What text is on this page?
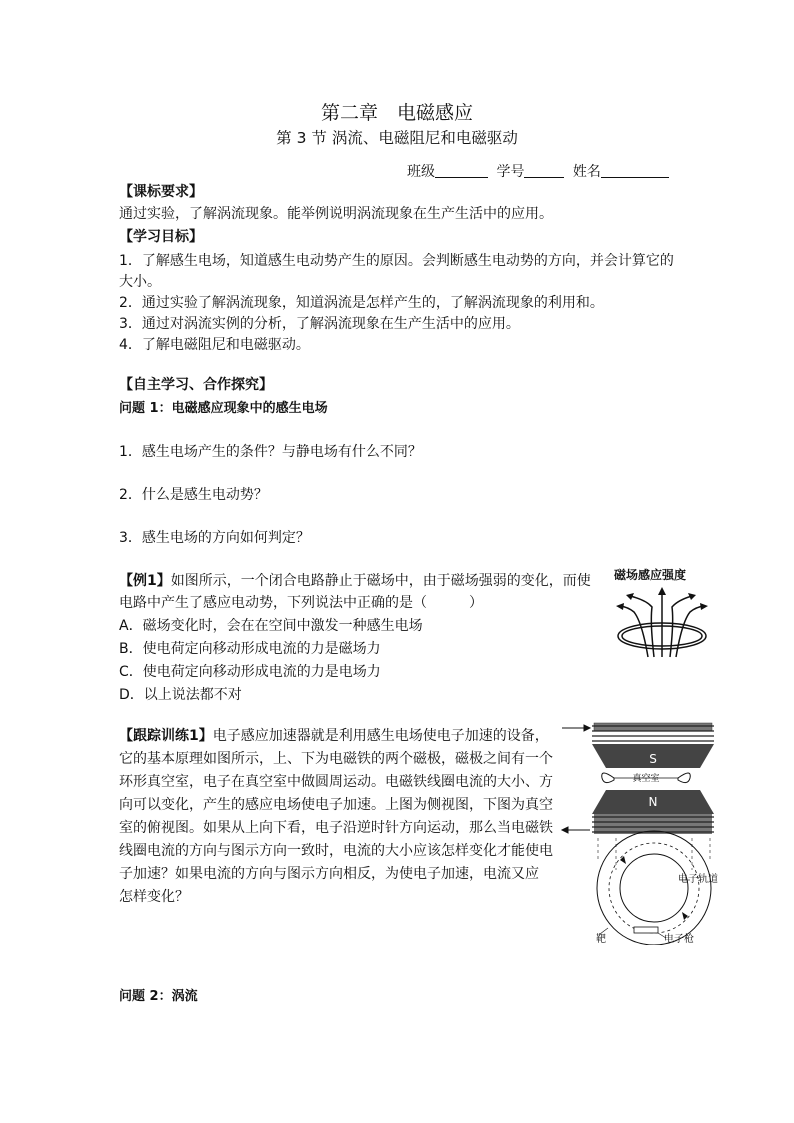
第二章　电磁感应
第 3 节 涡流、电磁阻尼和电磁驱动
班级	学号	姓名
【课标要求】
通过实验，了解涡流现象。能举例说明涡流现象在生产生活中的应用。
【学习目标】
1．了解感生电场，知道感生电动势产生的原因。会判断感生电动势的方向，并会计算它的
大小。
2．通过实验了解涡流现象，知道涡流是怎样产生的，了解涡流现象的利用和。
3．通过对涡流实例的分析，了解涡流现象在生产生活中的应用。
4．了解电磁阻尼和电磁驱动。
【自主学习、合作探究】
问题 1：电磁感应现象中的感生电场
1．感生电场产生的条件？与静电场有什么不同？
2．什么是感生电动势？
3．感生电场的方向如何判定？
【例1】如图所示，一个闭合电路静止于磁场中，由于磁场强弱的变化，而使
电路中产生了感应电动势，下列说法中正确的是（　　　）
A．磁场变化时，会在在空间中激发一种感生电场
B．使电荷定向移动形成电流的力是磁场力
C．使电荷定向移动形成电流的力是电场力
D．以上说法都不对
磁场感应强度
【跟踪训练1】电子感应加速器就是利用感生电场使电子加速的设备，
它的基本原理如图所示，上、下为电磁铁的两个磁极，磁极之间有一个
环形真空室，电子在真空室中做圆周运动。电磁铁线圈电流的大小、方
向可以变化，产生的感应电场使电子加速。上图为侧视图，下图为真空
室的俯视图。如果从上向下看，电子沿逆时针方向运动，那么当电磁铁
线圈电流的方向与图示方向一致时，电流的大小应该怎样变化才能使电
子加速？如果电流的方向与图示方向相反，为使电子加速，电流又应
怎样变化？
S
真空室
N
电子轨道
靶	电子枪
问题 2：涡流
